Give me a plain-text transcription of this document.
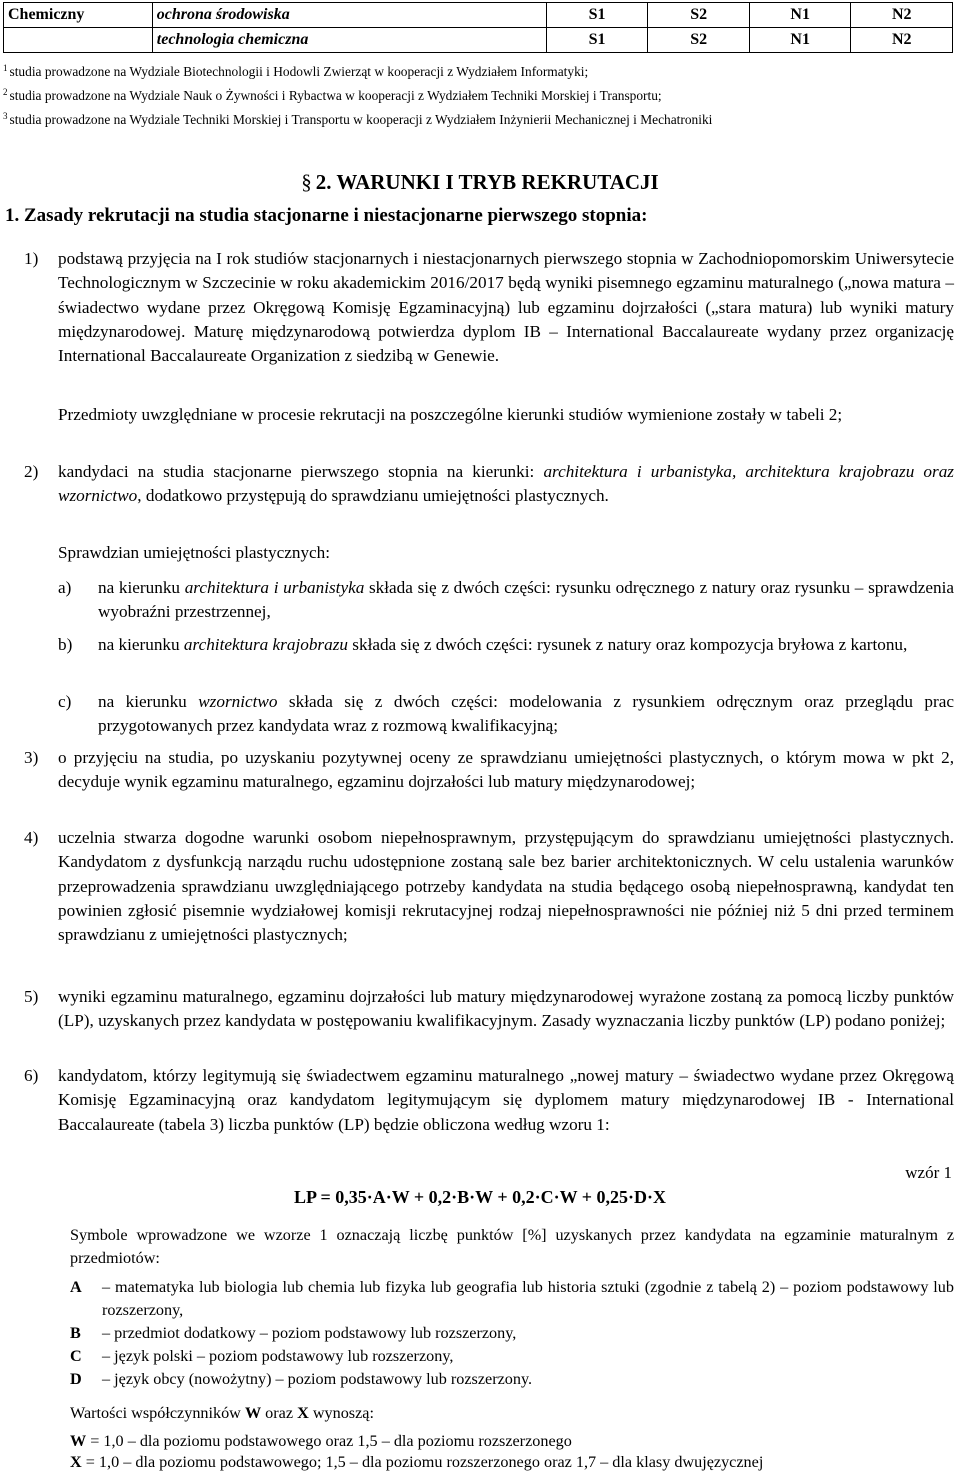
Chemiczny	ochrona środowiska	S1	S2	N1	N2
	technologia chemiczna	S1	S2	N1	N2
$^1$ studia prowadzone na Wydziale Biotechnologii i Hodowli Zwierząt w kooperacji z Wydziałem Informatyki;
$^2$ studia prowadzone na Wydziale Nauk o Żywności i Rybactwa w kooperacji z Wydziałem Techniki Morskiej i Transportu;
$^3$ studia prowadzone na Wydziale Techniki Morskiej i Transportu w kooperacji z Wydziałem Inżynierii Mechanicznej i Mechatroniki
§ 2. WARUNKI I TRYB REKRUTACJI
1. Zasady rekrutacji na studia stacjonarne i niestacjonarne pierwszego stopnia:
1) podstawą przyjęcia na I rok studiów stacjonarnych i niestacjonarnych pierwszego stopnia w Zachodniopomorskim Uniwersytecie Technologicznym w Szczecinie w roku akademickim 2016/2017 będą wyniki pisemnego egzaminu maturalnego („nowa matura – świadectwo wydane przez Okręgową Komisję Egzaminacyjną) lub egzaminu dojrzałości („stara matura) lub wyniki matury międzynarodowej. Maturę międzynarodową potwierdza dyplom IB – International Baccalaureate wydany przez organizację International Baccalaureate Organization z siedzibą w Genewie.
Przedmioty uwzględniane w procesie rekrutacji na poszczególne kierunki studiów wymienione zostały w tabeli 2;
2) kandydaci na studia stacjonarne pierwszego stopnia na kierunki: architektura i urbanistyka, architektura krajobrazu oraz wzornictwo, dodatkowo przystępują do sprawdzianu umiejętności plastycznych.
Sprawdzian umiejętności plastycznych:
a) na kierunku architektura i urbanistyka składa się z dwóch części: rysunku odręcznego z natury oraz rysunku – sprawdzenia wyobraźni przestrzennej,
b) na kierunku architektura krajobrazu składa się z dwóch części: rysunek z natury oraz kompozycja bryłowa z kartonu,
c) na kierunku wzornictwo składa się z dwóch części: modelowania z rysunkiem odręcznym oraz przeglądu prac przygotowanych przez kandydata wraz z rozmową kwalifikacyjną;
3) o przyjęciu na studia, po uzyskaniu pozytywnej oceny ze sprawdzianu umiejętności plastycznych, o którym mowa w pkt 2, decyduje wynik egzaminu maturalnego, egzaminu dojrzałości lub matury międzynarodowej;
4) uczelnia stwarza dogodne warunki osobom niepełnosprawnym, przystępującym do sprawdzianu umiejętności plastycznych. Kandydatom z dysfunkcją narządu ruchu udostępnione zostaną sale bez barier architektonicznych. W celu ustalenia warunków przeprowadzenia sprawdzianu uwzględniającego potrzeby kandydata na studia będącego osobą niepełnosprawną, kandydat ten powinien zgłosić pisemnie wydziałowej komisji rekrutacyjnej rodzaj niepełnosprawności nie później niż 5 dni przed terminem sprawdzianu z umiejętności plastycznych;
5) wyniki egzaminu maturalnego, egzaminu dojrzałości lub matury międzynarodowej wyrażone zostaną za pomocą liczby punktów (LP), uzyskanych przez kandydata w postępowaniu kwalifikacyjnym. Zasady wyznaczania liczby punktów (LP) podano poniżej;
6) kandydatom, którzy legitymują się świadectwem egzaminu maturalnego „nowej matury – świadectwo wydane przez Okręgową Komisję Egzaminacyjną oraz kandydatom legitymującym się dyplomem matury międzynarodowej IB - International Baccalaureate (tabela 3) liczba punktów (LP) będzie obliczona według wzoru 1:
wzór 1
LP = 0,35·A·W + 0,2·B·W + 0,2·C·W + 0,25·D·X
Symbole wprowadzone we wzorze 1 oznaczają liczbę punktów [%] uzyskanych przez kandydata na egzaminie maturalnym z przedmiotów:
A – matematyka lub biologia lub chemia lub fizyka lub geografia lub historia sztuki (zgodnie z tabelą 2) – poziom podstawowy lub rozszerzony,
B – przedmiot dodatkowy – poziom podstawowy lub rozszerzony,
C – język polski – poziom podstawowy lub rozszerzony,
D – język obcy (nowożytny) – poziom podstawowy lub rozszerzony.
Wartości współczynników W oraz X wynoszą:
W = 1,0 – dla poziomu podstawowego oraz 1,5 – dla poziomu rozszerzonego
X = 1,0 – dla poziomu podstawowego; 1,5 – dla poziomu rozszerzonego oraz 1,7 – dla klasy dwujęzycznej
